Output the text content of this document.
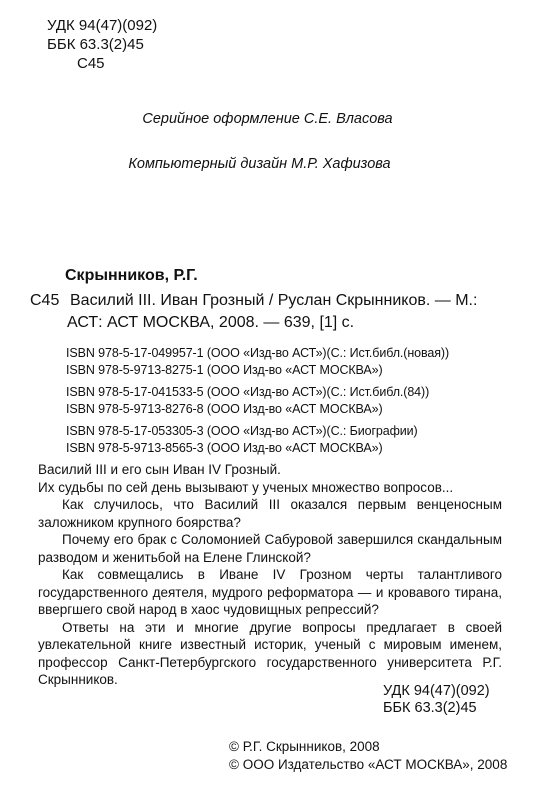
УДК 94(47)(092)
ББК 63.3(2)45
С45
Серийное оформление С.Е. Власова
Компьютерный дизайн М.Р. Хафизова
Скрынников, Р.Г.
С45 Василий III. Иван Грозный / Руслан Скрынников. — М.:
АСТ: АСТ МОСКВА, 2008. — 639, [1] с.
ISBN 978-5-17-049957-1 (ООО «Изд-во АСТ»)(С.: Ист.библ.(новая))
ISBN 978-5-9713-8275-1 (ООО Изд-во «АСТ МОСКВА»)
ISBN 978-5-17-041533-5 (ООО «Изд-во АСТ»)(С.: Ист.библ.(84))
ISBN 978-5-9713-8276-8 (ООО Изд-во «АСТ МОСКВА»)
ISBN 978-5-17-053305-3 (ООО «Изд-во АСТ»)(С.: Биографии)
ISBN 978-5-9713-8565-3 (ООО Изд-во «АСТ МОСКВА»)

Василий III и его сын Иван IV Грозный.

Их судьбы по сей день вызывают у ученых множество вопросов...

Как случилось, что Василий III оказался первым венценосным заложником крупного боярства?

Почему его брак с Соломонией Сабуровой завершился скандальным разводом и женитьбой на Елене Глинской?

Как совмещались в Иване IV Грозном черты талантливого государственного деятеля, мудрого реформатора — и кровавого тирана, ввергшего свой народ в хаос чудовищных репрессий?

Ответы на эти и многие другие вопросы предлагает в своей увлекательной книге известный историк, ученый с мировым именем, профессор Санкт-Петербургского государственного университета Р.Г. Скрынников.

УДК 94(47)(092)
ББК 63.3(2)45
© Р.Г. Скрынников, 2008
© ООО Издательство «АСТ МОСКВА», 2008
